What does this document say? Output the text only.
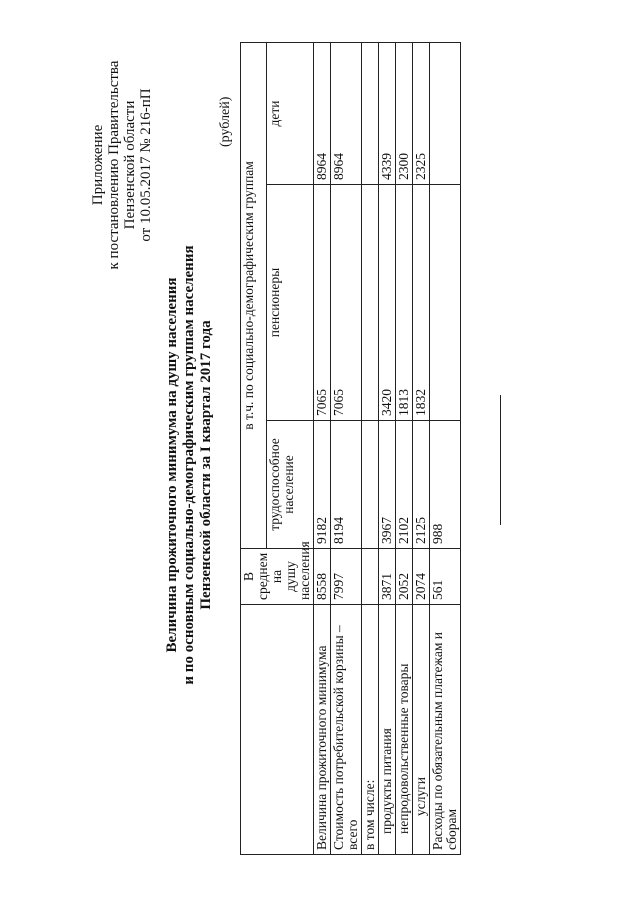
Приложение к постановлению Правительства Пензенской области от 10.05.2017 № 216-пП
Величина прожиточного минимума на душу населения и по основным социально-демографическим группам населения Пензенской области за I квартал 2017 года
(рублей)
	В среднем на душу населения	в т.ч. по социально-демографическим группам		
		трудоспособное население	пенсионеры	дети
Величина прожиточного минимума	8558	9182	7065	8964

Стоимость потребительской корзины – всего	7997	8194	7065	8964
в том числе:				
продукты питания	3871	3967	3420	4339
непродовольственные товары	2052	2102	1813	2300
услуги	2074	2125	1832	2325

Расходы по обязательным платежам и сборам	561	988		
